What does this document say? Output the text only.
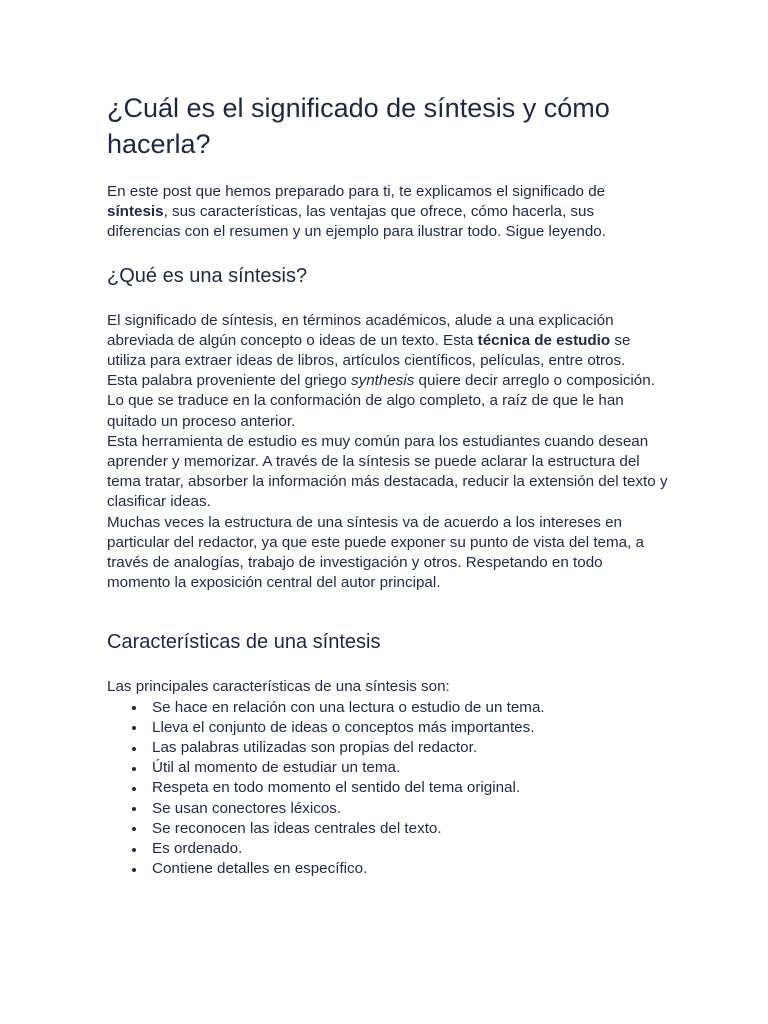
¿Cuál es el significado de síntesis y cómo hacerla?

En este post que hemos preparado para ti, te explicamos el significado de síntesis, sus características, las ventajas que ofrece, cómo hacerla, sus diferencias con el resumen y un ejemplo para ilustrar todo. Sigue leyendo.

¿Qué es una síntesis?

El significado de síntesis, en términos académicos, alude a una explicación abreviada de algún concepto o ideas de un texto. Esta técnica de estudio se utiliza para extraer ideas de libros, artículos científicos, películas, entre otros.

Esta palabra proveniente del griego synthesis quiere decir arreglo o composición. Lo que se traduce en la conformación de algo completo, a raíz de que le han quitado un proceso anterior.

Esta herramienta de estudio es muy común para los estudiantes cuando desean aprender y memorizar. A través de la síntesis se puede aclarar la estructura del tema tratar, absorber la información más destacada, reducir la extensión del texto y clasificar ideas.

Muchas veces la estructura de una síntesis va de acuerdo a los intereses en particular del redactor, ya que este puede exponer su punto de vista del tema, a través de analogías, trabajo de investigación y otros. Respetando en todo momento la exposición central del autor principal.

Características de una síntesis

Las principales características de una síntesis son:

Se hace en relación con una lectura o estudio de un tema.
Lleva el conjunto de ideas o conceptos más importantes.
Las palabras utilizadas son propias del redactor.
Útil al momento de estudiar un tema.
Respeta en todo momento el sentido del tema original.
Se usan conectores léxicos.
Se reconocen las ideas centrales del texto.
Es ordenado.
Contiene detalles en específico.
